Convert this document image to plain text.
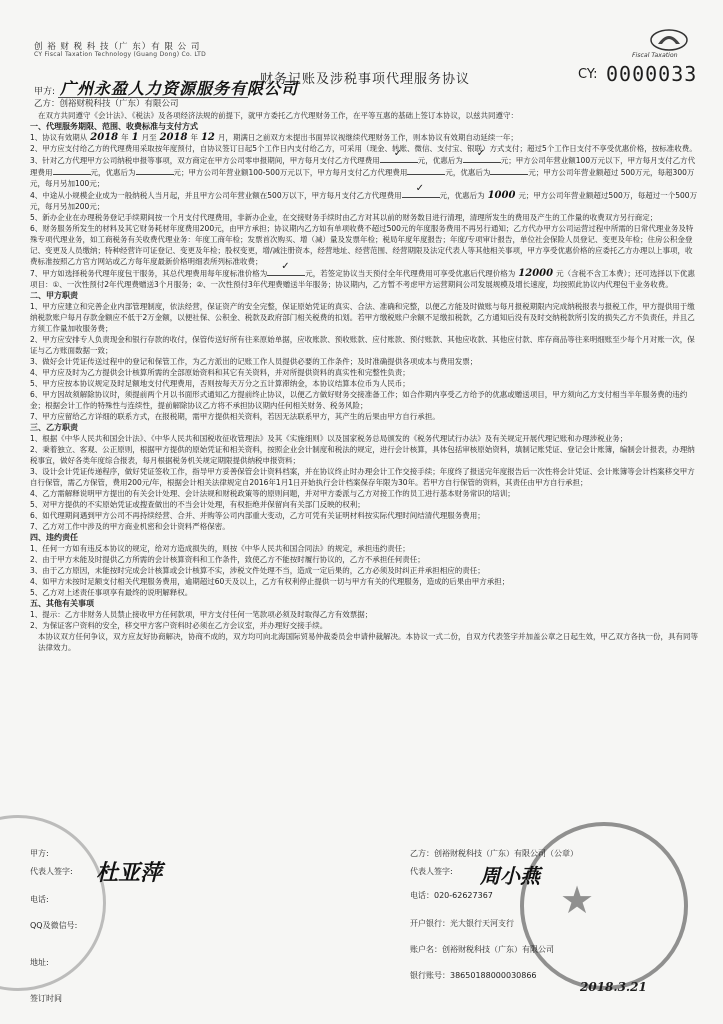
创 裕 财 税 科 技（广 东）有 限 公 司
CY Fiscal Taxation Technology (Guang Dong) Co. LTD	Fiscal Taxation
财务记账及涉税事项代理服务协议	CY: 0000033
甲方: 广州永盈人力资源服务有限公司
乙方：创裕财税科技（广东）有限公司

在双方共同遵守《会计法》、《税法》及各项经济法规的前提下，就甲方委托乙方代理财务工作，在平等互惠的基础上签订本协议，以兹共同遵守：

一、代理服务期限、范围、收费标准与支付方式

1、协议有效期从 2018 年 1 月至 2018 年 12 月，期满日之前双方未提出书面异议视继续代理财务工作，则本协议有效期自动延续一年；

2、甲方应支付给乙方的代理费用采取按年度预付，自协议签订日起5个工作日内支付给乙方，可采用（现金、转账、微信、支付宝、银联）方式支付；超过5个工作日支付不享受优惠价格，按标准收费。

3、针对乙方代理甲方公司纳税申报等事项，双方商定在甲方公司零申报期间，甲方每月支付乙方代理费用 ✓	元，优惠后为 ✓	元；甲方公司年营业额100万元以下，甲方每月支付乙方代理费用	元，优惠后为	元；甲方公司年营业额100-500万元以下，甲方每月支付乙方代理费用	元，优惠后为	元；甲方公司年营业额超过 500万元，每超300万元，每月另加100元；

4、中途从小规模企业成为一般纳税人当月起，并且甲方公司年营业额在500万以下，甲方每月支付乙方代理费用 ✓	元，优惠后为 1000 元；甲方公司年营业额超过500万，每超过一个500万元，每月另加200元；

5、新办企业在办理税务登记手续期间按一个月支付代理费用，非新办企业，在交接财务手续时由乙方对其以前的财务数目进行清理，清理所发生的费用及产生的工作量的收费双方另行商定；

6、财务服务所发生的材料及其它财务耗材年度费用200元，由甲方承担；协议期内乙方如有单项收费不超过500元的年度服务费用不再另行通知；乙方代办甲方公司运营过程中所需的日常代理业务及特殊专项代理业务，如工商税务有关收费代理业务：年度工商年检；发票首次购买、增（减）量及发票年检；税局年度年度报告；年度/专项审计报告，单位社会保险人员登记、变更及年检；住房公积金登记、变更及人员缴纳；特种经营许可证登记、变更及年检；股权变更，增/减注册资本，经营地址、经营范围、经营期限及法定代表人等其他相关事项，甲方享受优惠价格的应委托乙方办理以上事项，收费标准按照乙方官方网站或乙方每年度最新价格明细表所列标准收费；

7、甲方如选择税务代理年度包干服务，其总代理费用每年度标准价格为 ✓	元，若签定协议当天预付全年代理费用可享受优惠后代理价格为 12000 元（含税不含工本费）；还可选择以下优惠项目：①、一次性预付2年代理费赠送3个月服务；②、一次性预付3年代理费赠送半年服务；协议期内，乙方暂不考虑甲方运营期间公司发展规模及增长速度，均按照此协议内代理包干业务收费。

二、甲方职责

1、甲方应建立和完善企业内部管理制度，依法经营，保证资产的安全完整，保证原始凭证的真实、合法、准确和完整，以便乙方能及时做账与每月报税期限内完成纳税报表与报税工作，甲方提供用于缴纳税款账户每月存款金额应不低于2万金额，以便社保、公积金、税款及政府部门相关税费的扣划。若甲方缴税账户余额不足缴扣税款，乙方通知后没有及时交纳税款所引发的损失乙方不负责任，并且乙方须工作量加收服务费；

2、甲方应安排专人负责现金和银行存款的收付，保管传送好所有往来原始单据，应收账款、预收账款、应付账款、预付账款、其他应收款、其他应付款、库存商品等往来明细账至少每个月对账一次，保证与乙方账面数据一致；

3、做好会计凭证传送过程中的登记和保管工作，为乙方派出的记账工作人员提供必要的工作条件；及时准确提供各项成本与费用发票；

4、甲方应及时为乙方提供会计核算所需的全部原始资料和其它有关资料，并对所提供资料的真实性和完整性负责；

5、甲方应按本协议规定及时足额地支付代理费用，否则按每天万分之五计算滞纳金，本协议结算本位币为人民币；

6、甲方因故须解除协议时，须提前两个月以书面形式通知乙方提前终止协议，以便乙方做好财务交接准备工作；如合作期内享受乙方给予的优惠或赠送项目，甲方须向乙方支付相当半年服务费的违约金；根据会计工作的特殊性与连续性，提前解除协议乙方将不承担协议期内任何相关财务、税务风险；

7、甲方应留给乙方详细的联系方式，在报税期，需甲方提供相关资料，若因无法联系甲方，其产生的后果由甲方自行承担。

三、乙方职责

1、根据《中华人民共和国会计法》、《中华人民共和国税收征收管理法》及其《实施细则》以及国家税务总局颁发的《税务代理试行办法》及有关规定开展代理记账和办理涉税业务；

2、秉着独立、客观、公正原则，根据甲方提供的原始凭证和相关资料，按照企业会计制度和税法的规定，进行会计核算，具体包括审核原始资料，填制记账凭证、登记会计账簿，编制会计报表，办理纳税事宜，做好各类年度综合报表，每月根据税务机关规定期限提供纳税申报资料；

3、设计会计凭证传递程序，做好凭证签收工作，指导甲方妥善保管会计资料档案，并在协议终止时办理会计工作交接手续；年度终了报送完年度报告后一次性将会计凭证、会计账簿等会计档案移交甲方自行保管，需乙方保管，费用200元/年，根据会计相关法律规定自2016年1月1日开始执行会计档案保存年限为30年。若甲方自行保管的资料，其责任由甲方自行承担；

4、乙方需解释说明甲方提出的有关会计处理、会计法规和财税政策等的原则问题，并对甲方委派与乙方对接工作的员工进行基本财务常识的培训；

5、对甲方提供的不实原始凭证或搜查做出的不当会计处理，有权拒绝并保留向有关部门反映的权利；

6、如代理期间遇到甲方公司不再持续经营、合并、并购等公司内部重大变动，乙方可凭有关证明材料按实际代理时间结清代理服务费用；

7、乙方对工作中涉及的甲方商业机密和会计资料严格保密。

四、违约责任

1、任何一方如有违反本协议的规定，给对方造成损失的，则按《中华人民共和国合同法》的规定，承担违约责任；

2、由于甲方未能及时提供乙方所需的会计核算资料和工作条件，致使乙方不能按时履行协议的，乙方不承担任何责任；

3、由于乙方原因，未能按时完成会计核算或会计核算不实，涉税文件处理不当，造成一定后果的，乙方必须及时纠正并承担相应的责任；

4、如甲方未按时足额支付相关代理服务费用，逾期超过60天及以上，乙方有权利停止提供一切与甲方有关的代理服务，造成的后果由甲方承担；

5、乙方对上述责任事项享有最终的说明解释权。

五、其他有关事项

1、提示：乙方非财务人员禁止接收甲方任何款项，甲方支付任何一笔款项必须及时取得乙方有效票据；

2、为保证客户资料的安全，移交甲方客户资料时必须在乙方会议室，并办理好交接手续。

本协议双方任何争议，双方应友好协商解决，协商不成的，双方均可向北海国际贸易仲裁委员会申请仲裁解决。本协议一式二份，自双方代表签字并加盖公章之日起生效，甲乙双方各执一份，具有同等法律效力。

★
甲方:
代表人签字: 杜亚萍
电话:
QQ及微信号:
地址:
签订时间
乙方：创裕财税科技（广东）有限公司（公章）
代表人签字: 周小燕
电话：020-62627367
开户银行：光大银行天河支行
账户名：创裕财税科技（广东）有限公司
银行账号：38650188000030866
2018.3.21
